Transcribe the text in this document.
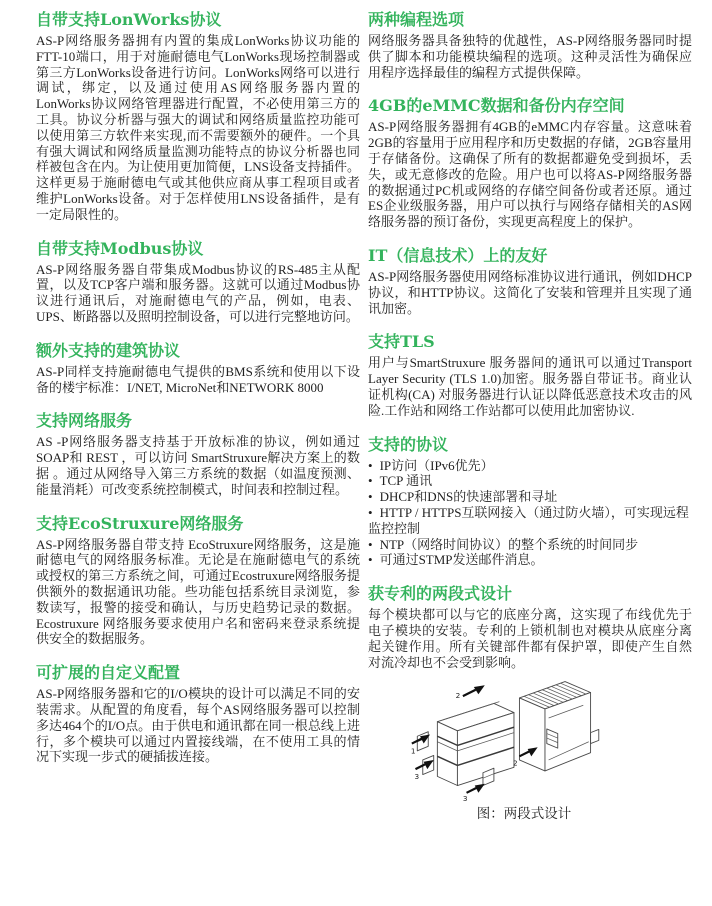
自带支持LonWorks协议

AS-P网络服务器拥有内置的集成LonWorks协议功能的FTT-10端口，用于对施耐德电气LonWorks现场控制器或第三方LonWorks设备进行访问。LonWorks网络可以进行调试，绑定，以及通过使用AS网络服务器内置的LonWorks协议网络管理器进行配置，不必使用第三方的工具。协议分析器与强大的调试和网络质量监控功能可以使用第三方软件来实现,而不需要额外的硬件。一个具有强大调试和网络质量监测功能特点的协议分析器也同样被包含在内。为让使用更加简便，LNS设备支持插件。这样更易于施耐德电气或其他供应商从事工程项目或者维护LonWorks设备。对于怎样使用LNS设备插件，是有一定局限性的。

自带支持Modbus协议

AS-P网络服务器自带集成Modbus协议的RS-485主从配置，以及TCP客户端和服务器。这就可以通过Modbus协议进行通讯后，对施耐德电气的产品，例如，电表、UPS、断路器以及照明控制设备，可以进行完整地访问。

额外支持的建筑协议

AS-P同样支持施耐德电气提供的BMS系统和使用以下设备的楼宇标准：I/NET, MicroNet和NETWORK 8000

支持网络服务

AS -P网络服务器支持基于开放标准的协议，例如通过SOAP和 REST ，可以访问 SmartStruxure解决方案上的数据 。通过从网络导入第三方系统的数据（如温度预测、能量消耗）可改变系统控制模式，时间表和控制过程。

支持EcoStruxure网络服务

AS-P网络服务器自带支持 EcoStruxure网络服务，这是施耐德电气的网络服务标准。无论是在施耐德电气的系统或授权的第三方系统之间，可通过Ecostruxure网络服务提供额外的数据通讯功能。些功能包括系统目录浏览，参数读写，报警的接受和确认，与历史趋势记录的数据。Ecostruxure 网络服务要求使用户名和密码来登录系统提供安全的数据服务。

可扩展的自定义配置

AS-P网络服务器和它的I/O模块的设计可以满足不同的安装需求。从配置的角度看，每个AS网络服务器可以控制多达464个的I/O点。由于供电和通讯都在同一根总线上进行，多个模块可以通过内置接线端，在不使用工具的情况下实现一步式的硬插拔连接。

两种编程选项

网络服务器具备独特的优越性，AS-P网络服务器同时提供了脚本和功能模块编程的选项。这种灵活性为确保应用程序选择最佳的编程方式提供保障。

4GB的eMMC数据和备份内存空间

AS-P网络服务器拥有4GB的eMMC内存容量。这意味着2GB的容量用于应用程序和历史数据的存储，2GB容量用于存储备份。这确保了所有的数据都避免受到损坏，丢失，或无意修改的危险。用户也可以将AS-P网络服务器的数据通过PC机或网络的存储空间备份或者还原。通过ES企业级服务器，用户可以执行与网络存储相关的AS网络服务器的预订备份，实现更高程度上的保护。

IT（信息技术）上的友好

AS-P网络服务器使用网络标准协议进行通讯，例如DHCP协议，和HTTP协议。这简化了安装和管理并且实现了通讯加密。

支持TLS

用户与SmartStruxure 服务器间的通讯可以通过Transport Layer Security (TLS 1.0)加密。服务器自带证书。商业认证机构(CA) 对服务器进行认证以降低恶意技术攻击的风险.工作站和网络工作站都可以使用此加密协议.

支持的协议
• IP访问（IPv6优先）
• TCP 通讯
• DHCP和DNS的快速部署和寻址
• HTTP / HTTPS互联网接入（通过防火墙），可实现远程监控控制
• NTP（网络时间协议）的整个系统的时间同步
• 可通过STMP发送邮件消息。
获专利的两段式设计

每个模块都可以与它的底座分离，这实现了布线优先于电子模块的安装。专利的上锁机制也对模块从底座分离起关键作用。所有关键部件都有保护罩，即使产生自然对流冷却也不会受到影响。

2
1
3
2
3
图：两段式设计
